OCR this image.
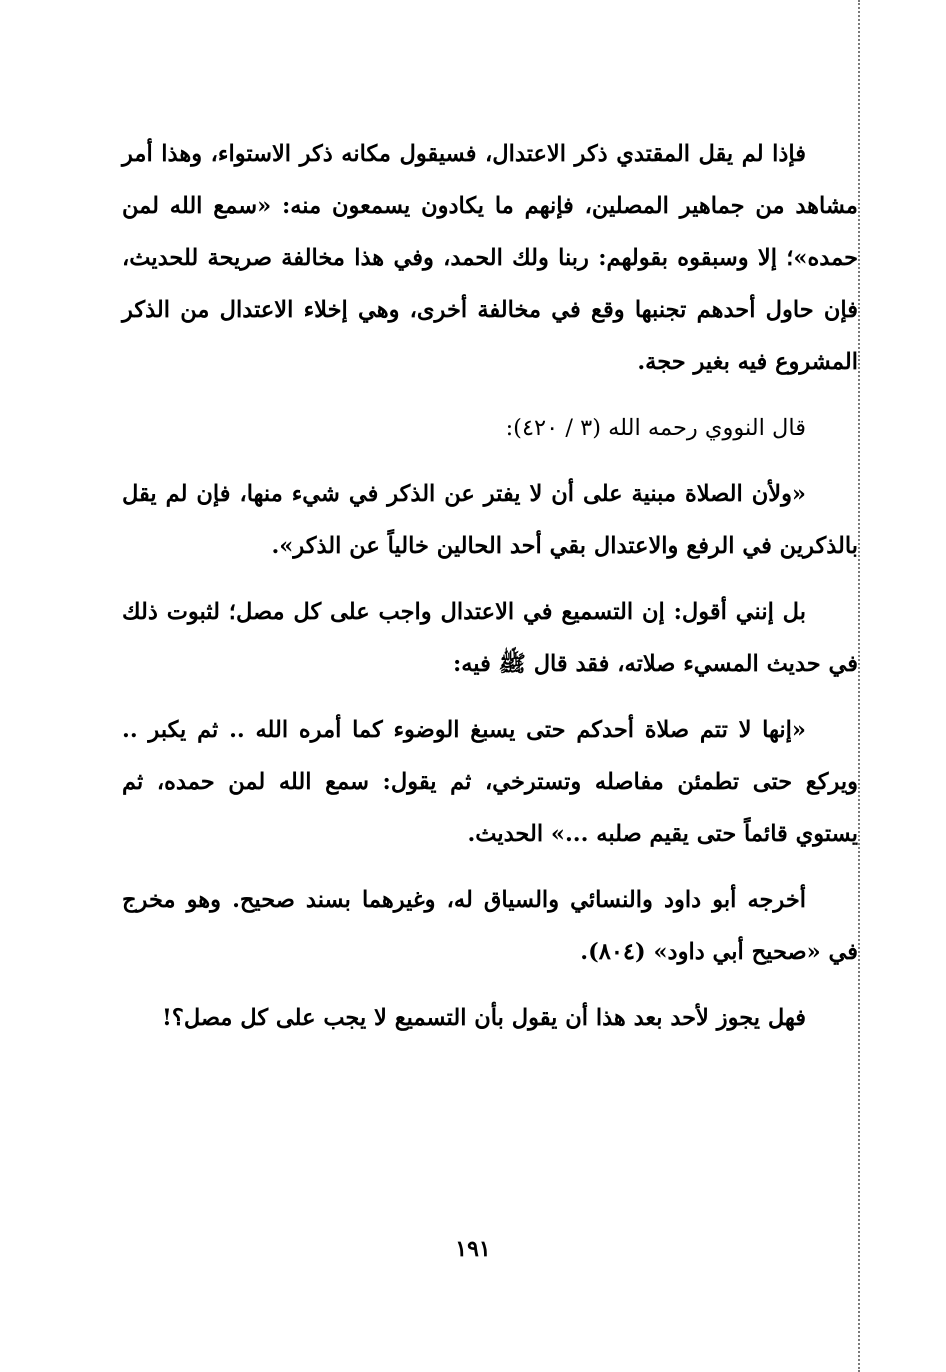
فإذا لم يقل المقتدي ذكر الاعتدال، فسيقول مكانه ذكر الاستواء، وهذا أمر مشاهد من جماهير المصلين، فإنهم ما يكادون يسمعون منه: «سمع الله لمن حمده»؛ إلا وسبقوه بقولهم: ربنا ولك الحمد، وفي هذا مخالفة صريحة للحديث، فإن حاول أحدهم تجنبها وقع في مخالفة أخرى، وهي إخلاء الاعتدال من الذكر المشروع فيه بغير حجة.

قال النووي رحمه الله (٣ / ٤٢٠):

«ولأن الصلاة مبنية على أن لا يفتر عن الذكر في شيء منها، فإن لم يقل بالذكرين في الرفع والاعتدال بقي أحد الحالين خالياً عن الذكر».

بل إنني أقول: إن التسميع في الاعتدال واجب على كل مصل؛ لثبوت ذلك في حديث المسيء صلاته، فقد قال ﷺ فيه:

«إنها لا تتم صلاة أحدكم حتى يسبغ الوضوء كما أمره الله .. ثم يكبر .. ويركع حتى تطمئن مفاصله وتسترخي، ثم يقول: سمع الله لمن حمده، ثم يستوي قائماً حتى يقيم صلبه ...» الحديث.

أخرجه أبو داود والنسائي والسياق له، وغيرهما بسند صحيح. وهو مخرج في «صحيح أبي داود» (٨٠٤).

فهل يجوز لأحد بعد هذا أن يقول بأن التسميع لا يجب على كل مصل؟!

١٩١
